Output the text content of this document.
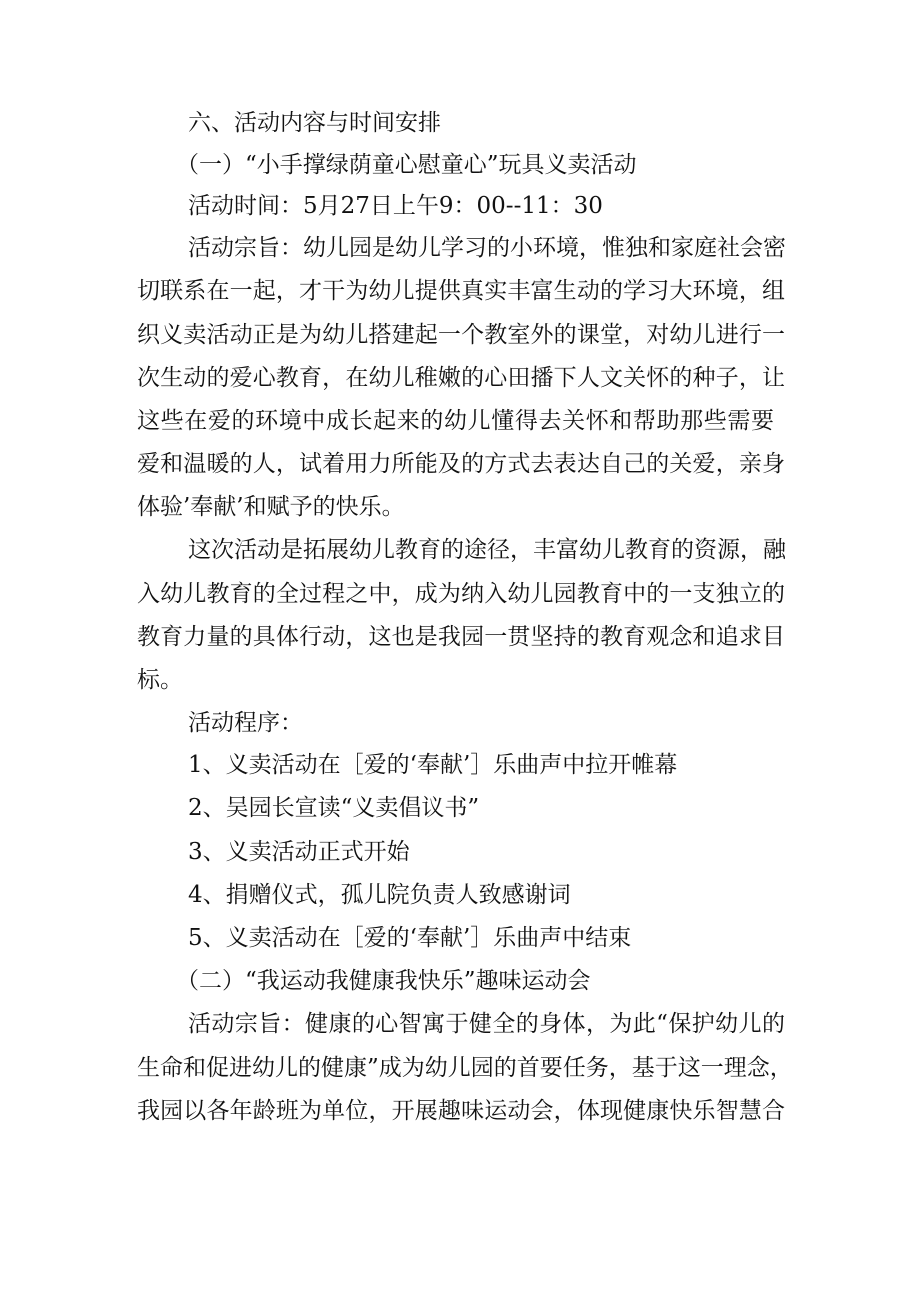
六、活动内容与时间安排
（一）“小手撑绿荫童心慰童心”玩具义卖活动
活动时间：5月27日上午9：00--11：30
活动宗旨：幼儿园是幼儿学习的小环境，惟独和家庭社会密
切联系在一起，才干为幼儿提供真实丰富生动的学习大环境，组
织义卖活动正是为幼儿搭建起一个教室外的课堂，对幼儿进行一
次生动的爱心教育，在幼儿稚嫩的心田播下人文关怀的种子，让
这些在爱的环境中成长起来的幼儿懂得去关怀和帮助那些需要
爱和温暖的人，试着用力所能及的方式去表达自己的关爱，亲身
体验’奉献’和赋予的快乐。
这次活动是拓展幼儿教育的途径，丰富幼儿教育的资源，融
入幼儿教育的全过程之中，成为纳入幼儿园教育中的一支独立的
教育力量的具体行动，这也是我园一贯坚持的教育观念和追求目
标。
活动程序：
1、义卖活动在［爱的‘奉献’］乐曲声中拉开帷幕
2、吴园长宣读“义卖倡议书”
3、义卖活动正式开始
4、捐赠仪式，孤儿院负责人致感谢词
5、义卖活动在［爱的‘奉献’］乐曲声中结束
（二）“我运动我健康我快乐”趣味运动会
活动宗旨：健康的心智寓于健全的身体，为此“保护幼儿的
生命和促进幼儿的健康”成为幼儿园的首要任务，基于这一理念，
我园以各年龄班为单位，开展趣味运动会，体现健康快乐智慧合
